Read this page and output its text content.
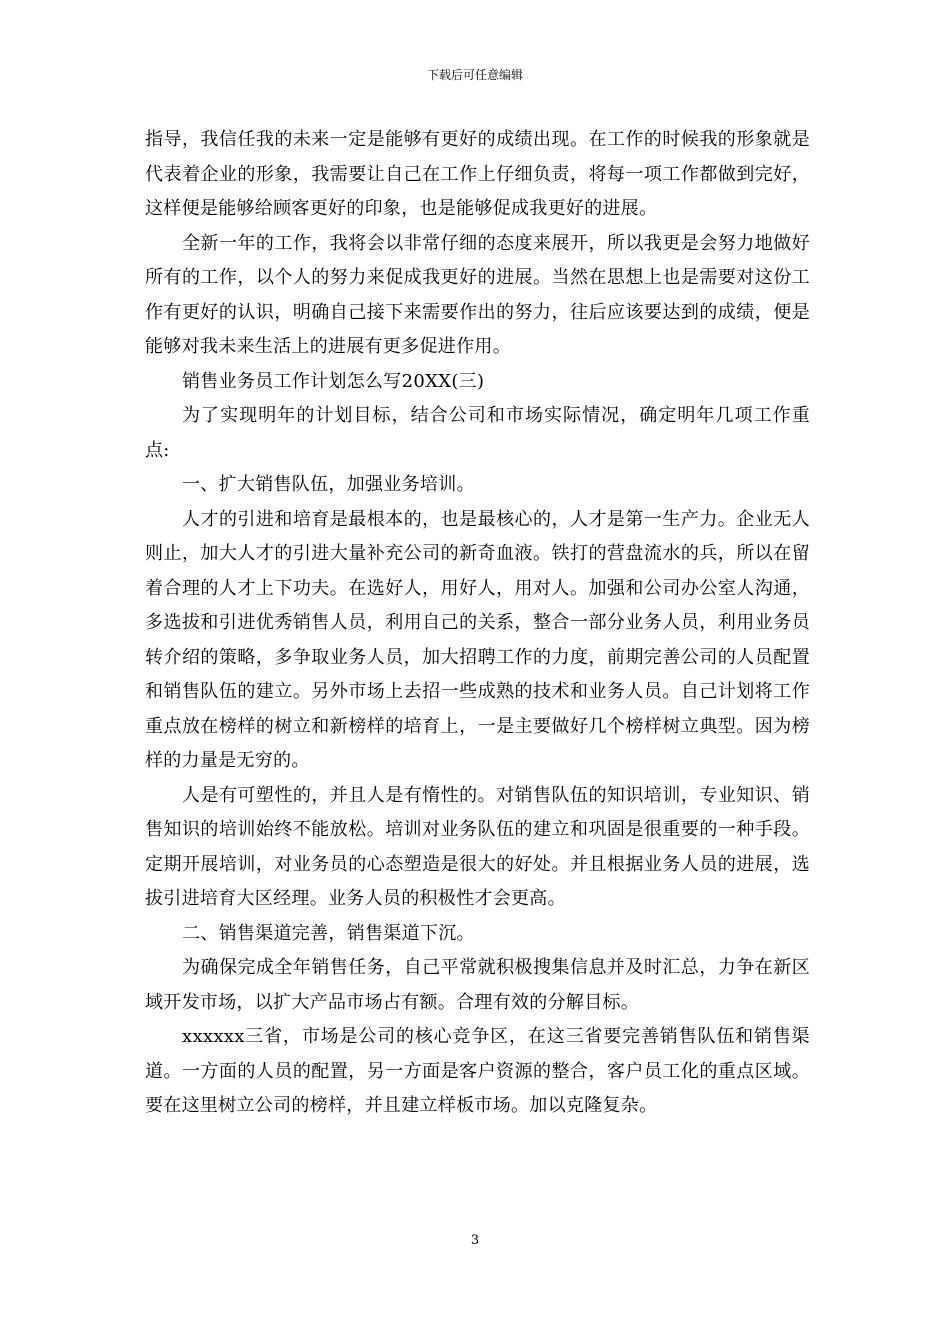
下载后可任意编辑

指导，我信任我的未来一定是能够有更好的成绩出现。在工作的时候我的形象就是代表着企业的形象，我需要让自己在工作上仔细负责，将每一项工作都做到完好，这样便是能够给顾客更好的印象，也是能够促成我更好的进展。

全新一年的工作，我将会以非常仔细的态度来展开，所以我更是会努力地做好所有的工作，以个人的努力来促成我更好的进展。当然在思想上也是需要对这份工作有更好的认识，明确自己接下来需要作出的努力，往后应该要达到的成绩，便是能够对我未来生活上的进展有更多促进作用。

销售业务员工作计划怎么写20XX(三)

为了实现明年的计划目标，结合公司和市场实际情况，确定明年几项工作重点:

一、扩大销售队伍，加强业务培训。

人才的引进和培育是最根本的，也是最核心的，人才是第一生产力。企业无人则止，加大人才的引进大量补充公司的新奇血液。铁打的营盘流水的兵，所以在留着合理的人才上下功夫。在选好人，用好人，用对人。加强和公司办公室人沟通，多选拔和引进优秀销售人员，利用自己的关系，整合一部分业务人员，利用业务员转介绍的策略，多争取业务人员，加大招聘工作的力度，前期完善公司的人员配置和销售队伍的建立。另外市场上去招一些成熟的技术和业务人员。自己计划将工作重点放在榜样的树立和新榜样的培育上，一是主要做好几个榜样树立典型。因为榜样的力量是无穷的。

人是有可塑性的，并且人是有惰性的。对销售队伍的知识培训，专业知识、销售知识的培训始终不能放松。培训对业务队伍的建立和巩固是很重要的一种手段。定期开展培训，对业务员的心态塑造是很大的好处。并且根据业务人员的进展，选拔引进培育大区经理。业务人员的积极性才会更高。

二、销售渠道完善，销售渠道下沉。

为确保完成全年销售任务，自己平常就积极搜集信息并及时汇总，力争在新区域开发市场，以扩大产品市场占有额。合理有效的分解目标。

xxxxxx三省，市场是公司的核心竞争区，在这三省要完善销售队伍和销售渠道。一方面的人员的配置，另一方面是客户资源的整合，客户员工化的重点区域。要在这里树立公司的榜样，并且建立样板市场。加以克隆复杂。

3
